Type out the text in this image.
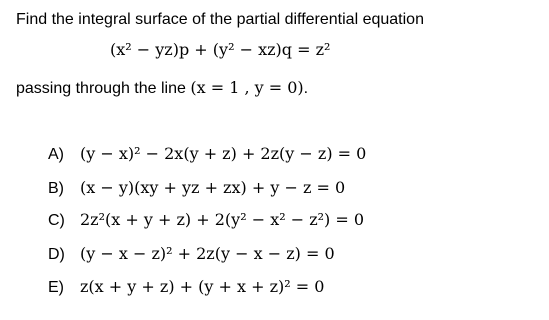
Find the integral surface of the partial differential equation
(x² − yz)p + (y² − xz)q = z²
passing through the line (x = 1 , y = 0).
A) (y − x)² − 2x(y + z) + 2z(y − z) = 0
B) (x − y)(xy + yz + zx) + y − z = 0
C) 2z²(x + y + z) + 2(y² − x² − z²) = 0
D) (y − x − z)² + 2z(y − x − z) = 0
E) z(x + y + z) + (y + x + z)² = 0
